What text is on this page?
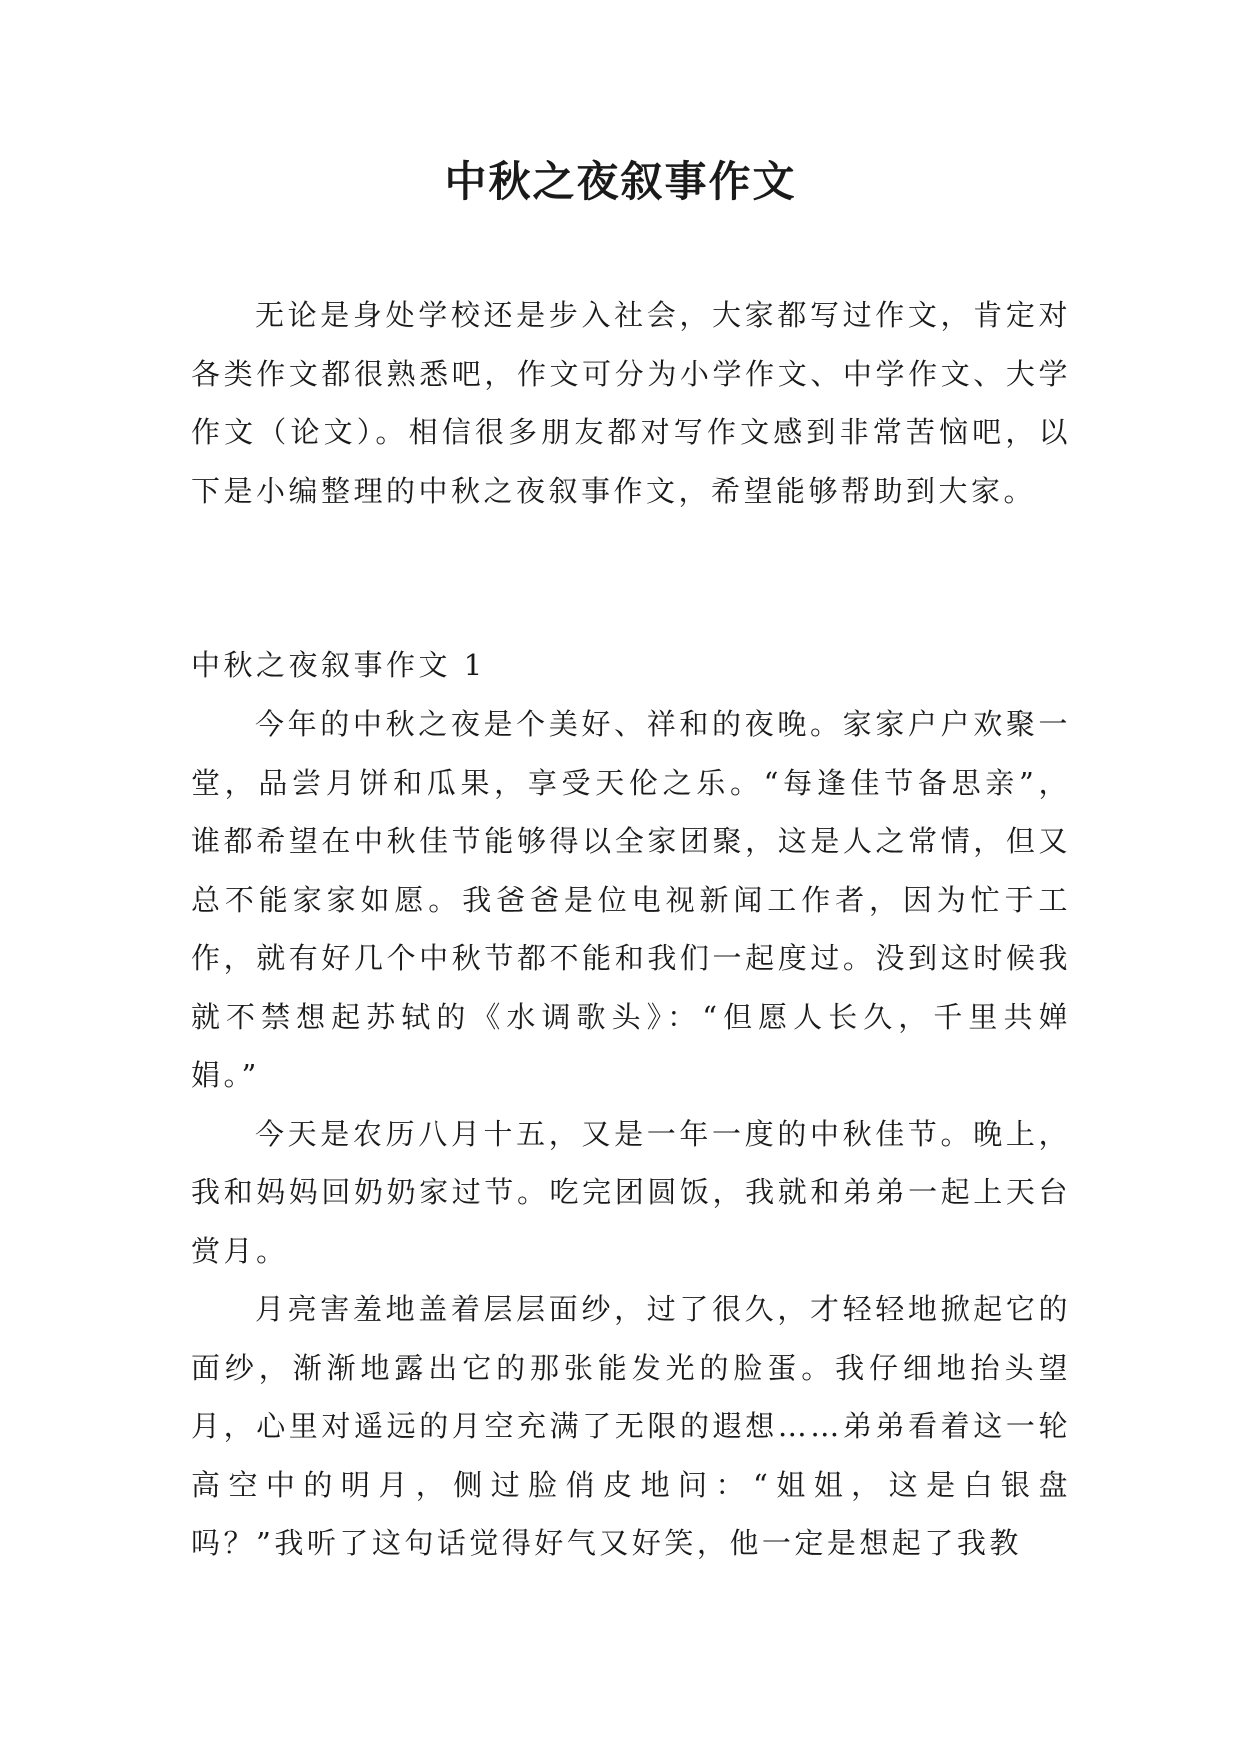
中秋之夜叙事作文

无论是身处学校还是步入社会，大家都写过作文，肯定对各类作文都很熟悉吧，作文可分为小学作文、中学作文、大学作文（论文）。相信很多朋友都对写作文感到非常苦恼吧，以下是小编整理的中秋之夜叙事作文，希望能够帮助到大家。

中秋之夜叙事作文 1

今年的中秋之夜是个美好、祥和的夜晚。家家户户欢聚一堂，品尝月饼和瓜果，享受天伦之乐。“每逢佳节备思亲”，谁都希望在中秋佳节能够得以全家团聚，这是人之常情，但又总不能家家如愿。我爸爸是位电视新闻工作者，因为忙于工作，就有好几个中秋节都不能和我们一起度过。没到这时候我就不禁想起苏轼的《水调歌头》：“但愿人长久，千里共婵娟。”

今天是农历八月十五，又是一年一度的中秋佳节。晚上，我和妈妈回奶奶家过节。吃完团圆饭，我就和弟弟一起上天台赏月。

月亮害羞地盖着层层面纱，过了很久，才轻轻地掀起它的面纱，渐渐地露出它的那张能发光的脸蛋。我仔细地抬头望月，心里对遥远的月空充满了无限的遐想……弟弟看着这一轮高空中的明月，侧过脸俏皮地问：“姐姐，这是白银盘吗？”我听了这句话觉得好气又好笑，他一定是想起了我教
